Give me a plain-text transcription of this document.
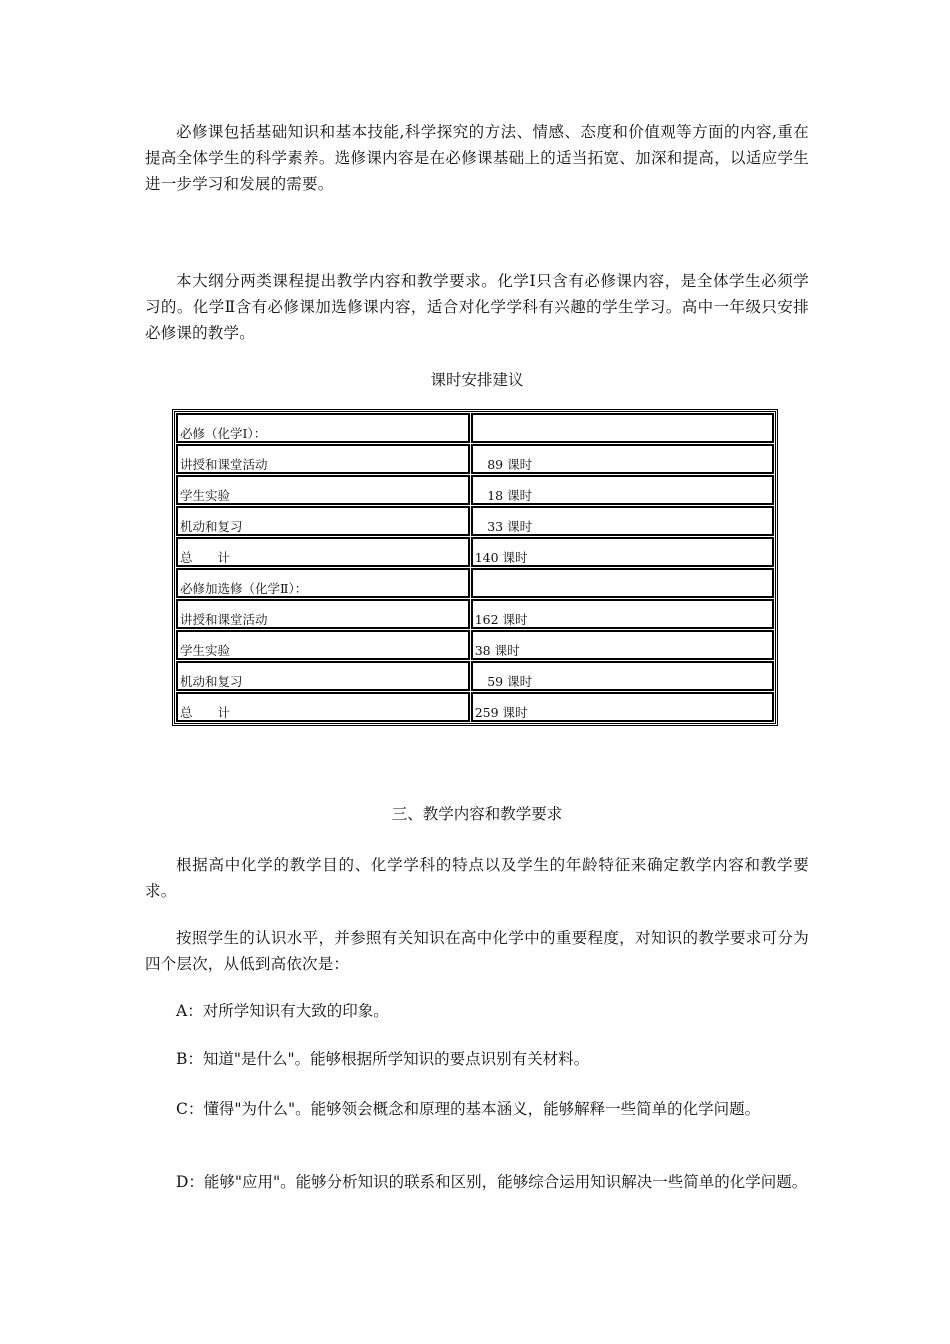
必修课包括基础知识和基本技能,科学探究的方法、情感、态度和价值观等方面的内容,重在提高全体学生的科学素养。选修课内容是在必修课基础上的适当拓宽、加深和提高，以适应学生进一步学习和发展的需要。

本大纲分两类课程提出教学内容和教学要求。化学Ⅰ只含有必修课内容，是全体学生必须学习的。化学Ⅱ含有必修课加选修课内容，适合对化学学科有兴趣的学生学习。高中一年级只安排必修课的教学。

课时安排建议

必修（化学Ⅰ）：	
讲授和课堂活动	　89 课时
学生实验	　18 课时
机动和复习	　33 课时
总　　计	140 课时
必修加选修（化学Ⅱ）：	
讲授和课堂活动	162 课时
学生实验	38 课时
机动和复习	　59 课时
总　　计	259 课时

三、教学内容和教学要求

根据高中化学的教学目的、化学学科的特点以及学生的年龄特征来确定教学内容和教学要求。

按照学生的认识水平，并参照有关知识在高中化学中的重要程度，对知识的教学要求可分为四个层次，从低到高依次是：

A：对所学知识有大致的印象。

B：知道"是什么"。能够根据所学知识的要点识别有关材料。

C：懂得"为什么"。能够领会概念和原理的基本涵义，能够解释一些简单的化学问题。

D：能够"应用"。能够分析知识的联系和区别，能够综合运用知识解决一些简单的化学问题。
